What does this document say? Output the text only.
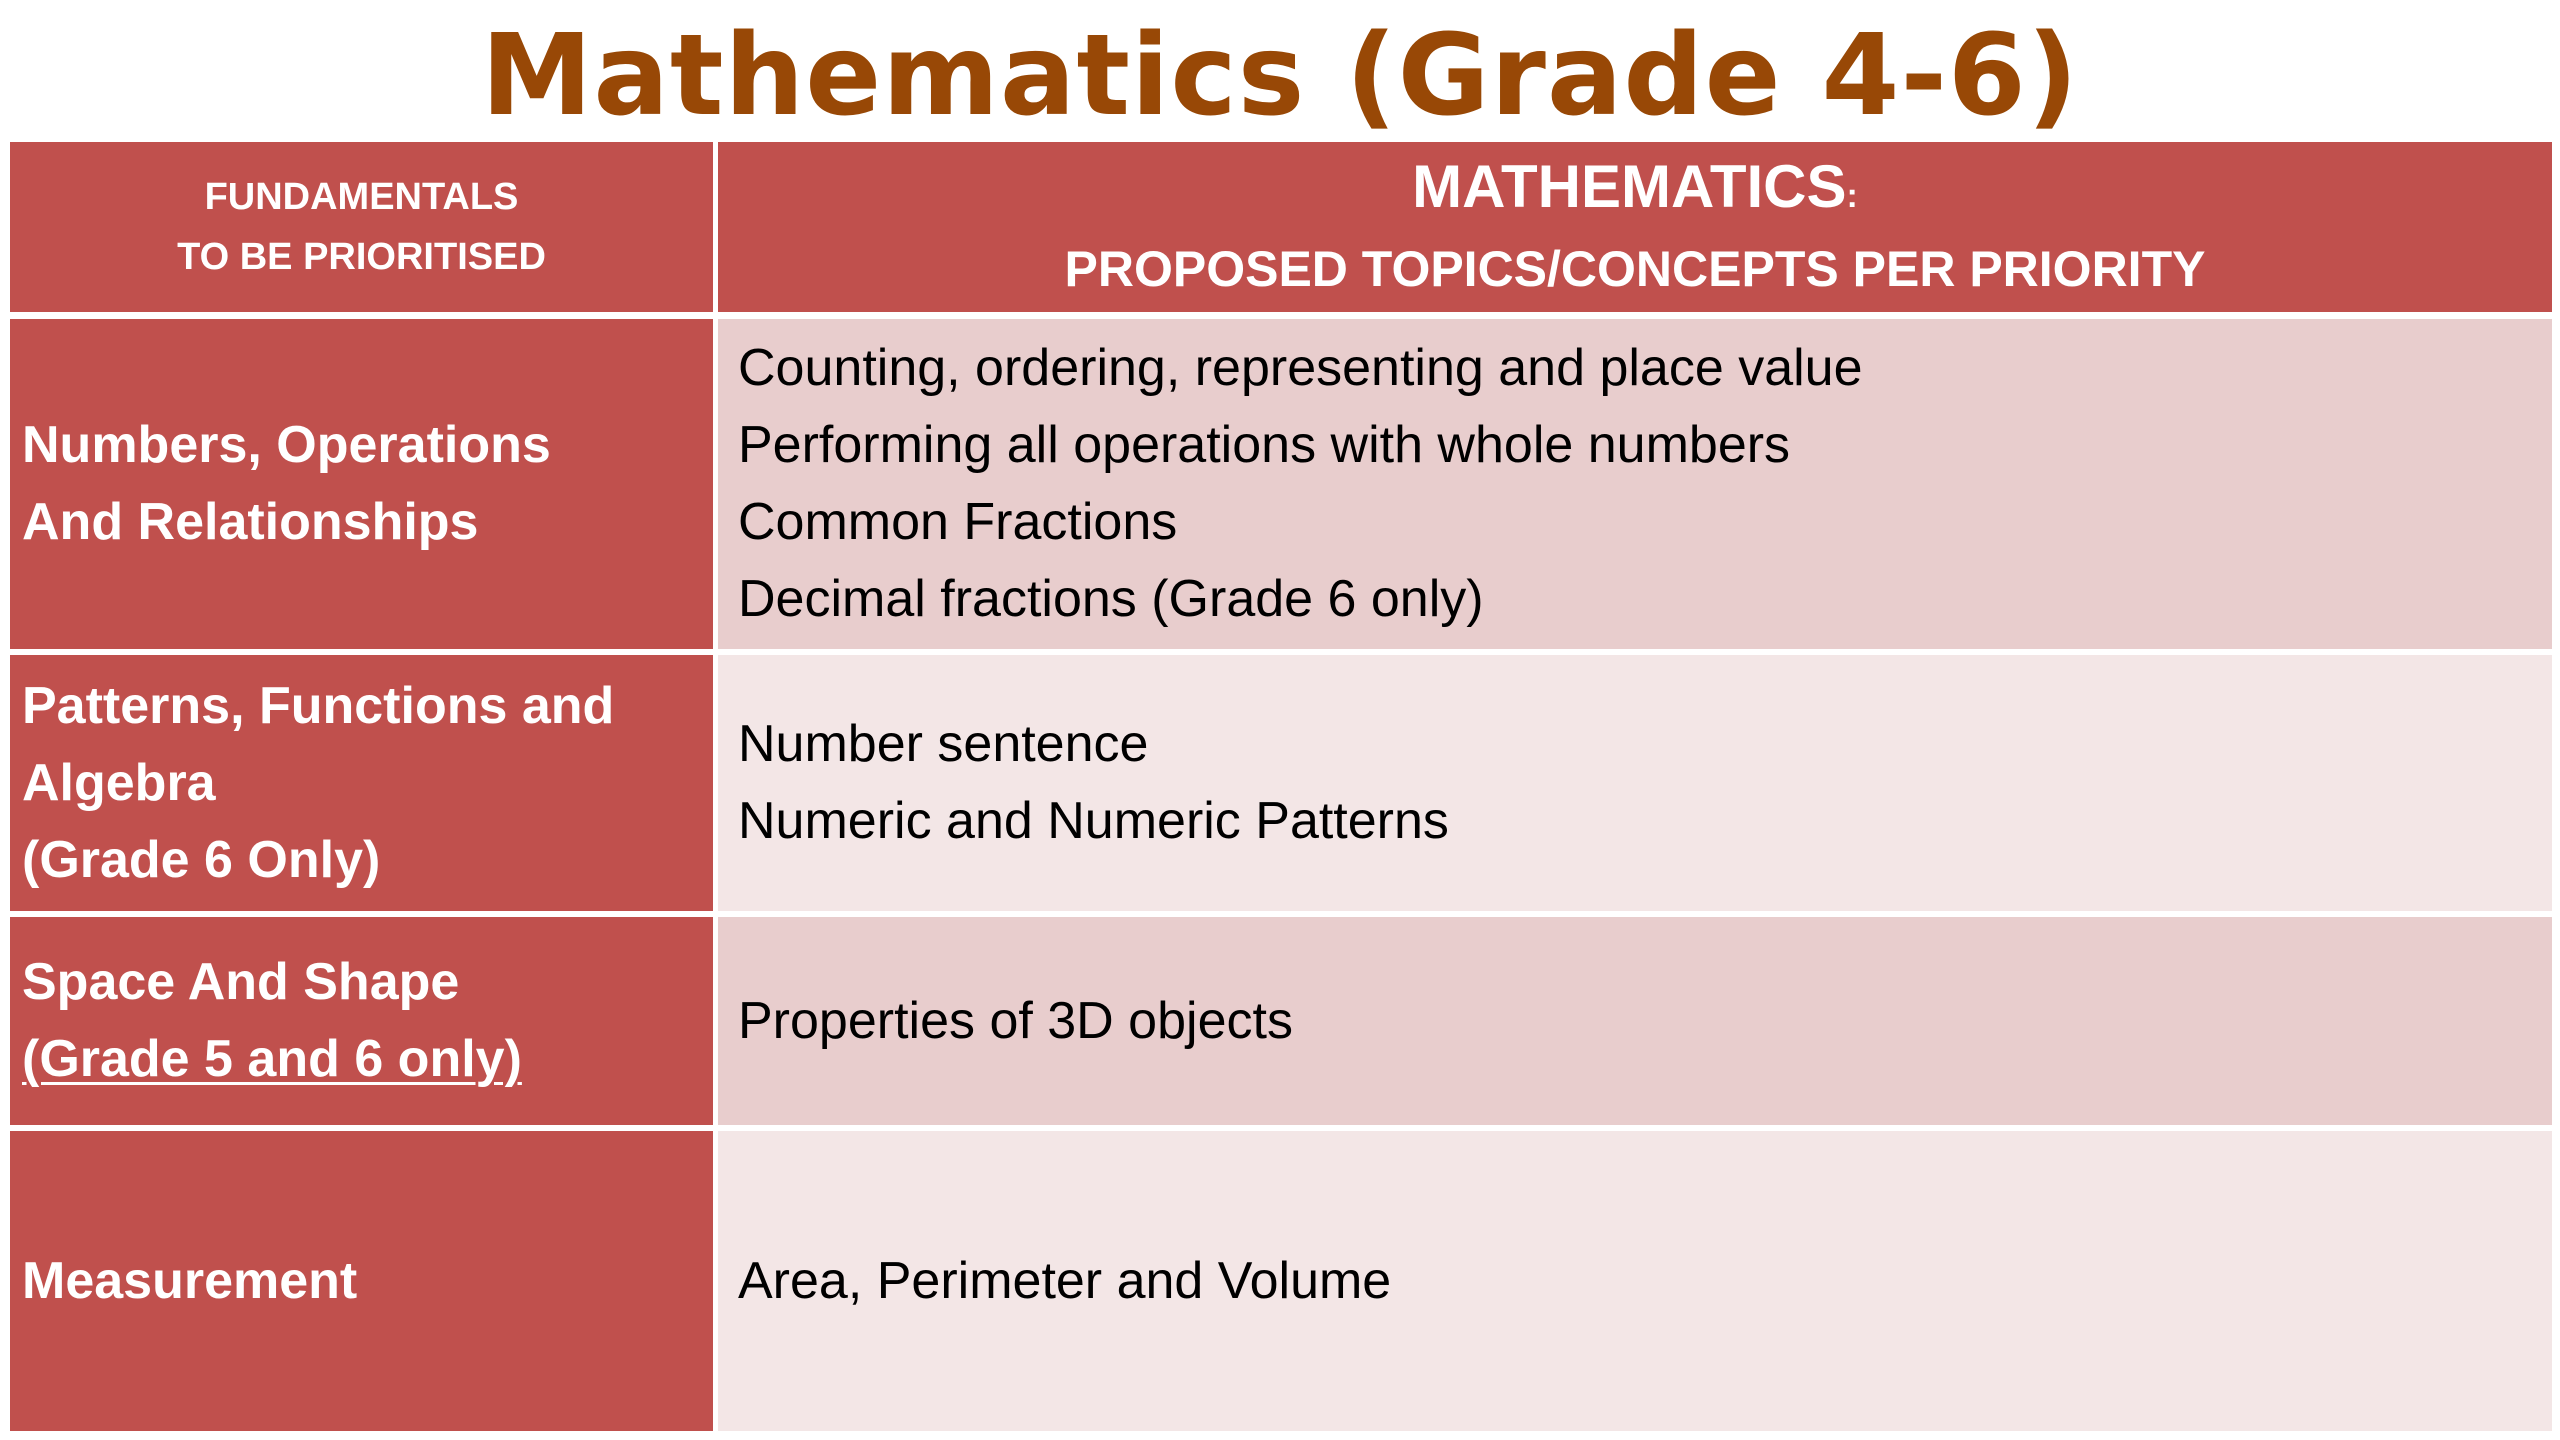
Mathematics (Grade 4-6)
FUNDAMENTALS
TO BE PRIORITISED
MATHEMATICS:
PROPOSED TOPICS/CONCEPTS PER PRIORITY
Numbers, Operations
And Relationships
Counting, ordering, representing and place value
Performing all operations with whole numbers
Common Fractions
Decimal fractions (Grade 6 only)
Patterns, Functions and
Algebra
(Grade 6 Only)
Number sentence
Numeric and Numeric Patterns
Space And Shape
(Grade 5 and 6 only)
Properties of 3D objects
Measurement	Area, Perimeter and Volume
